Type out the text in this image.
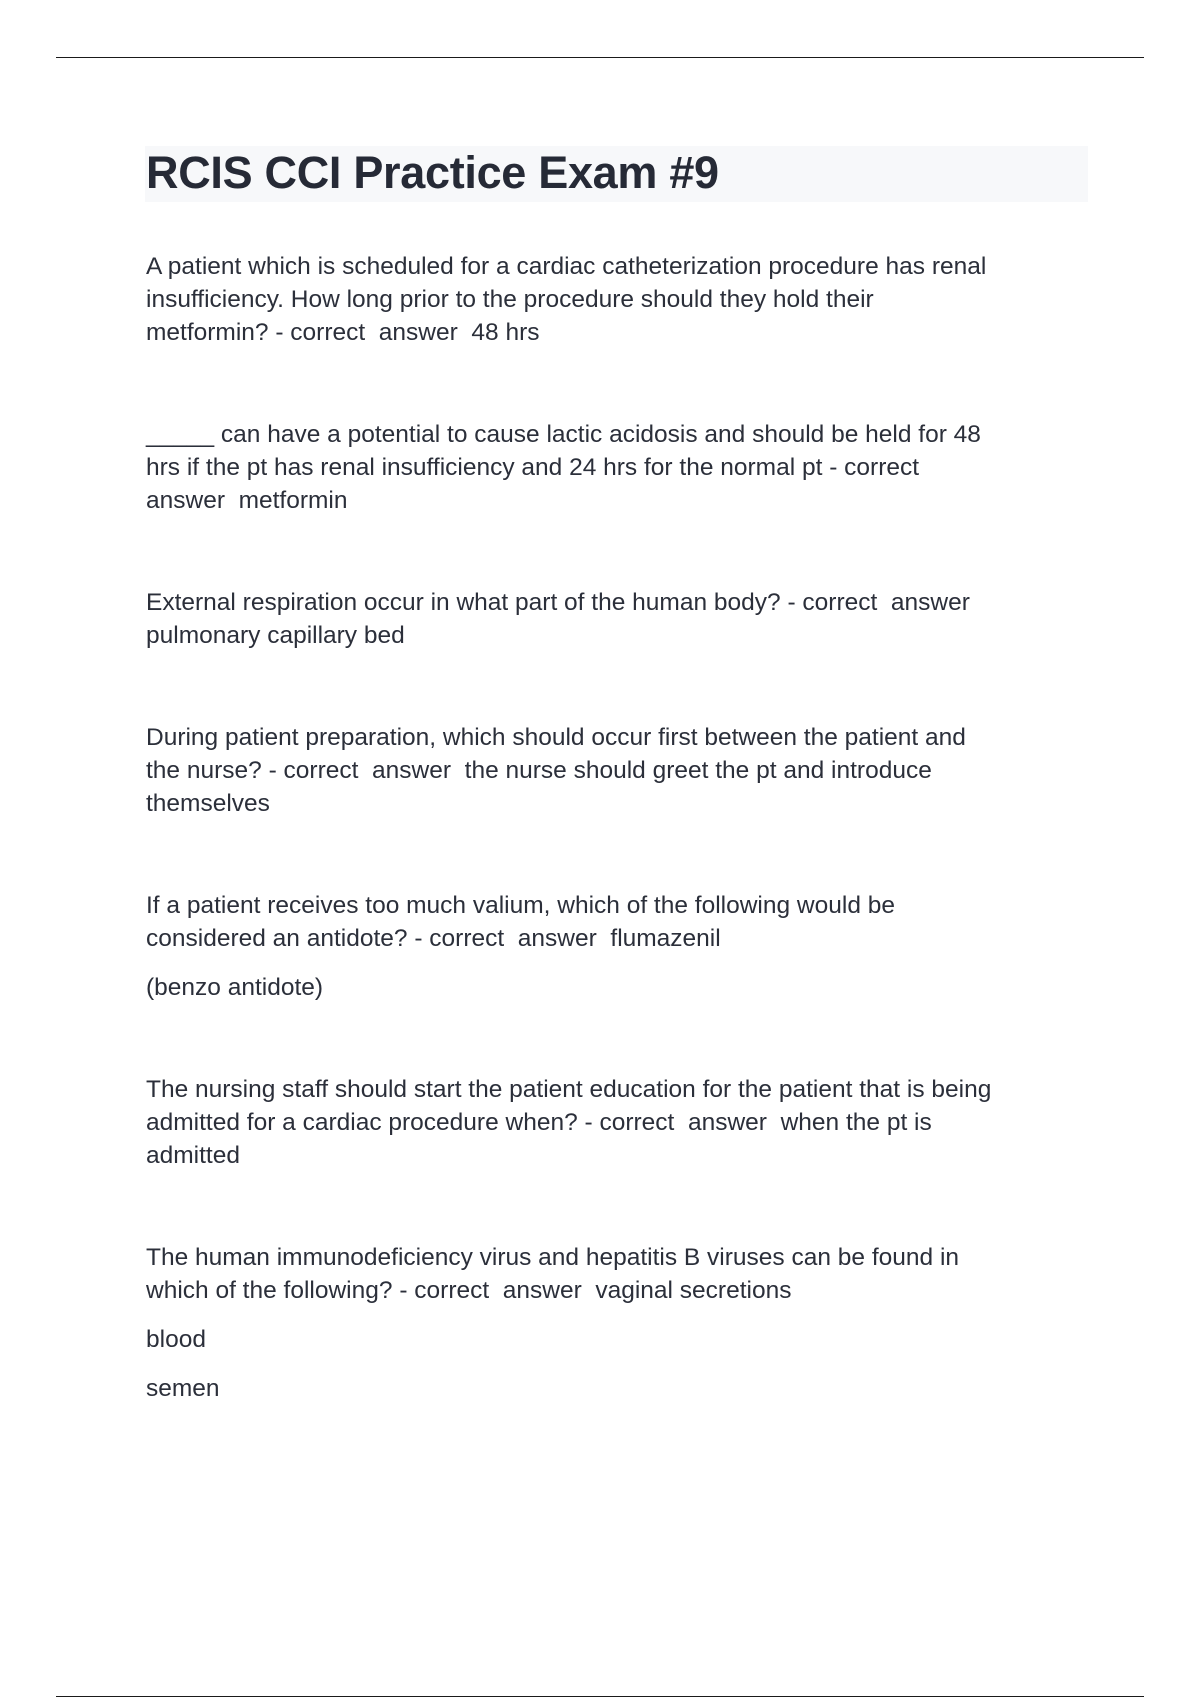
RCIS CCI Practice Exam #9

A patient which is scheduled for a cardiac catheterization procedure has renal

insufficiency. How long prior to the procedure should they hold their

metformin? - correct  answer  48 hrs

_____ can have a potential to cause lactic acidosis and should be held for 48

hrs if the pt has renal insufficiency and 24 hrs for the normal pt - correct

answer  metformin

External respiration occur in what part of the human body? - correct  answer

pulmonary capillary bed

During patient preparation, which should occur first between the patient and

the nurse? - correct  answer  the nurse should greet the pt and introduce

themselves

If a patient receives too much valium, which of the following would be

considered an antidote? - correct  answer  flumazenil

(benzo antidote)

The nursing staff should start the patient education for the patient that is being

admitted for a cardiac procedure when? - correct  answer  when the pt is

admitted

The human immunodeficiency virus and hepatitis B viruses can be found in

which of the following? - correct  answer  vaginal secretions

blood

semen
